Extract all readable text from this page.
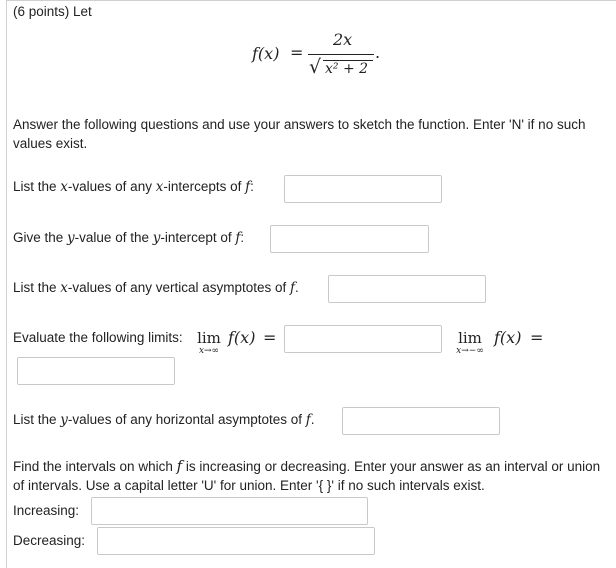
(6 points) Let
f(x) =
2x
√ x² + 2
.
Answer the following questions and use your answers to sketch the function. Enter 'N' if no such values exist.
List the x-values of any x-intercepts of f:
Give the y-value of the y-intercept of f:
List the x-values of any vertical asymptotes of f.
Evaluate the following limits: lim
x→∞
f(x) =	lim
x→−∞
f(x) =
List the y-values of any horizontal asymptotes of f.
Find the intervals on which f is increasing or decreasing. Enter your answer as an interval or union of intervals. Use a capital letter 'U' for union. Enter '{ }' if no such intervals exist.
Increasing:
Decreasing:
